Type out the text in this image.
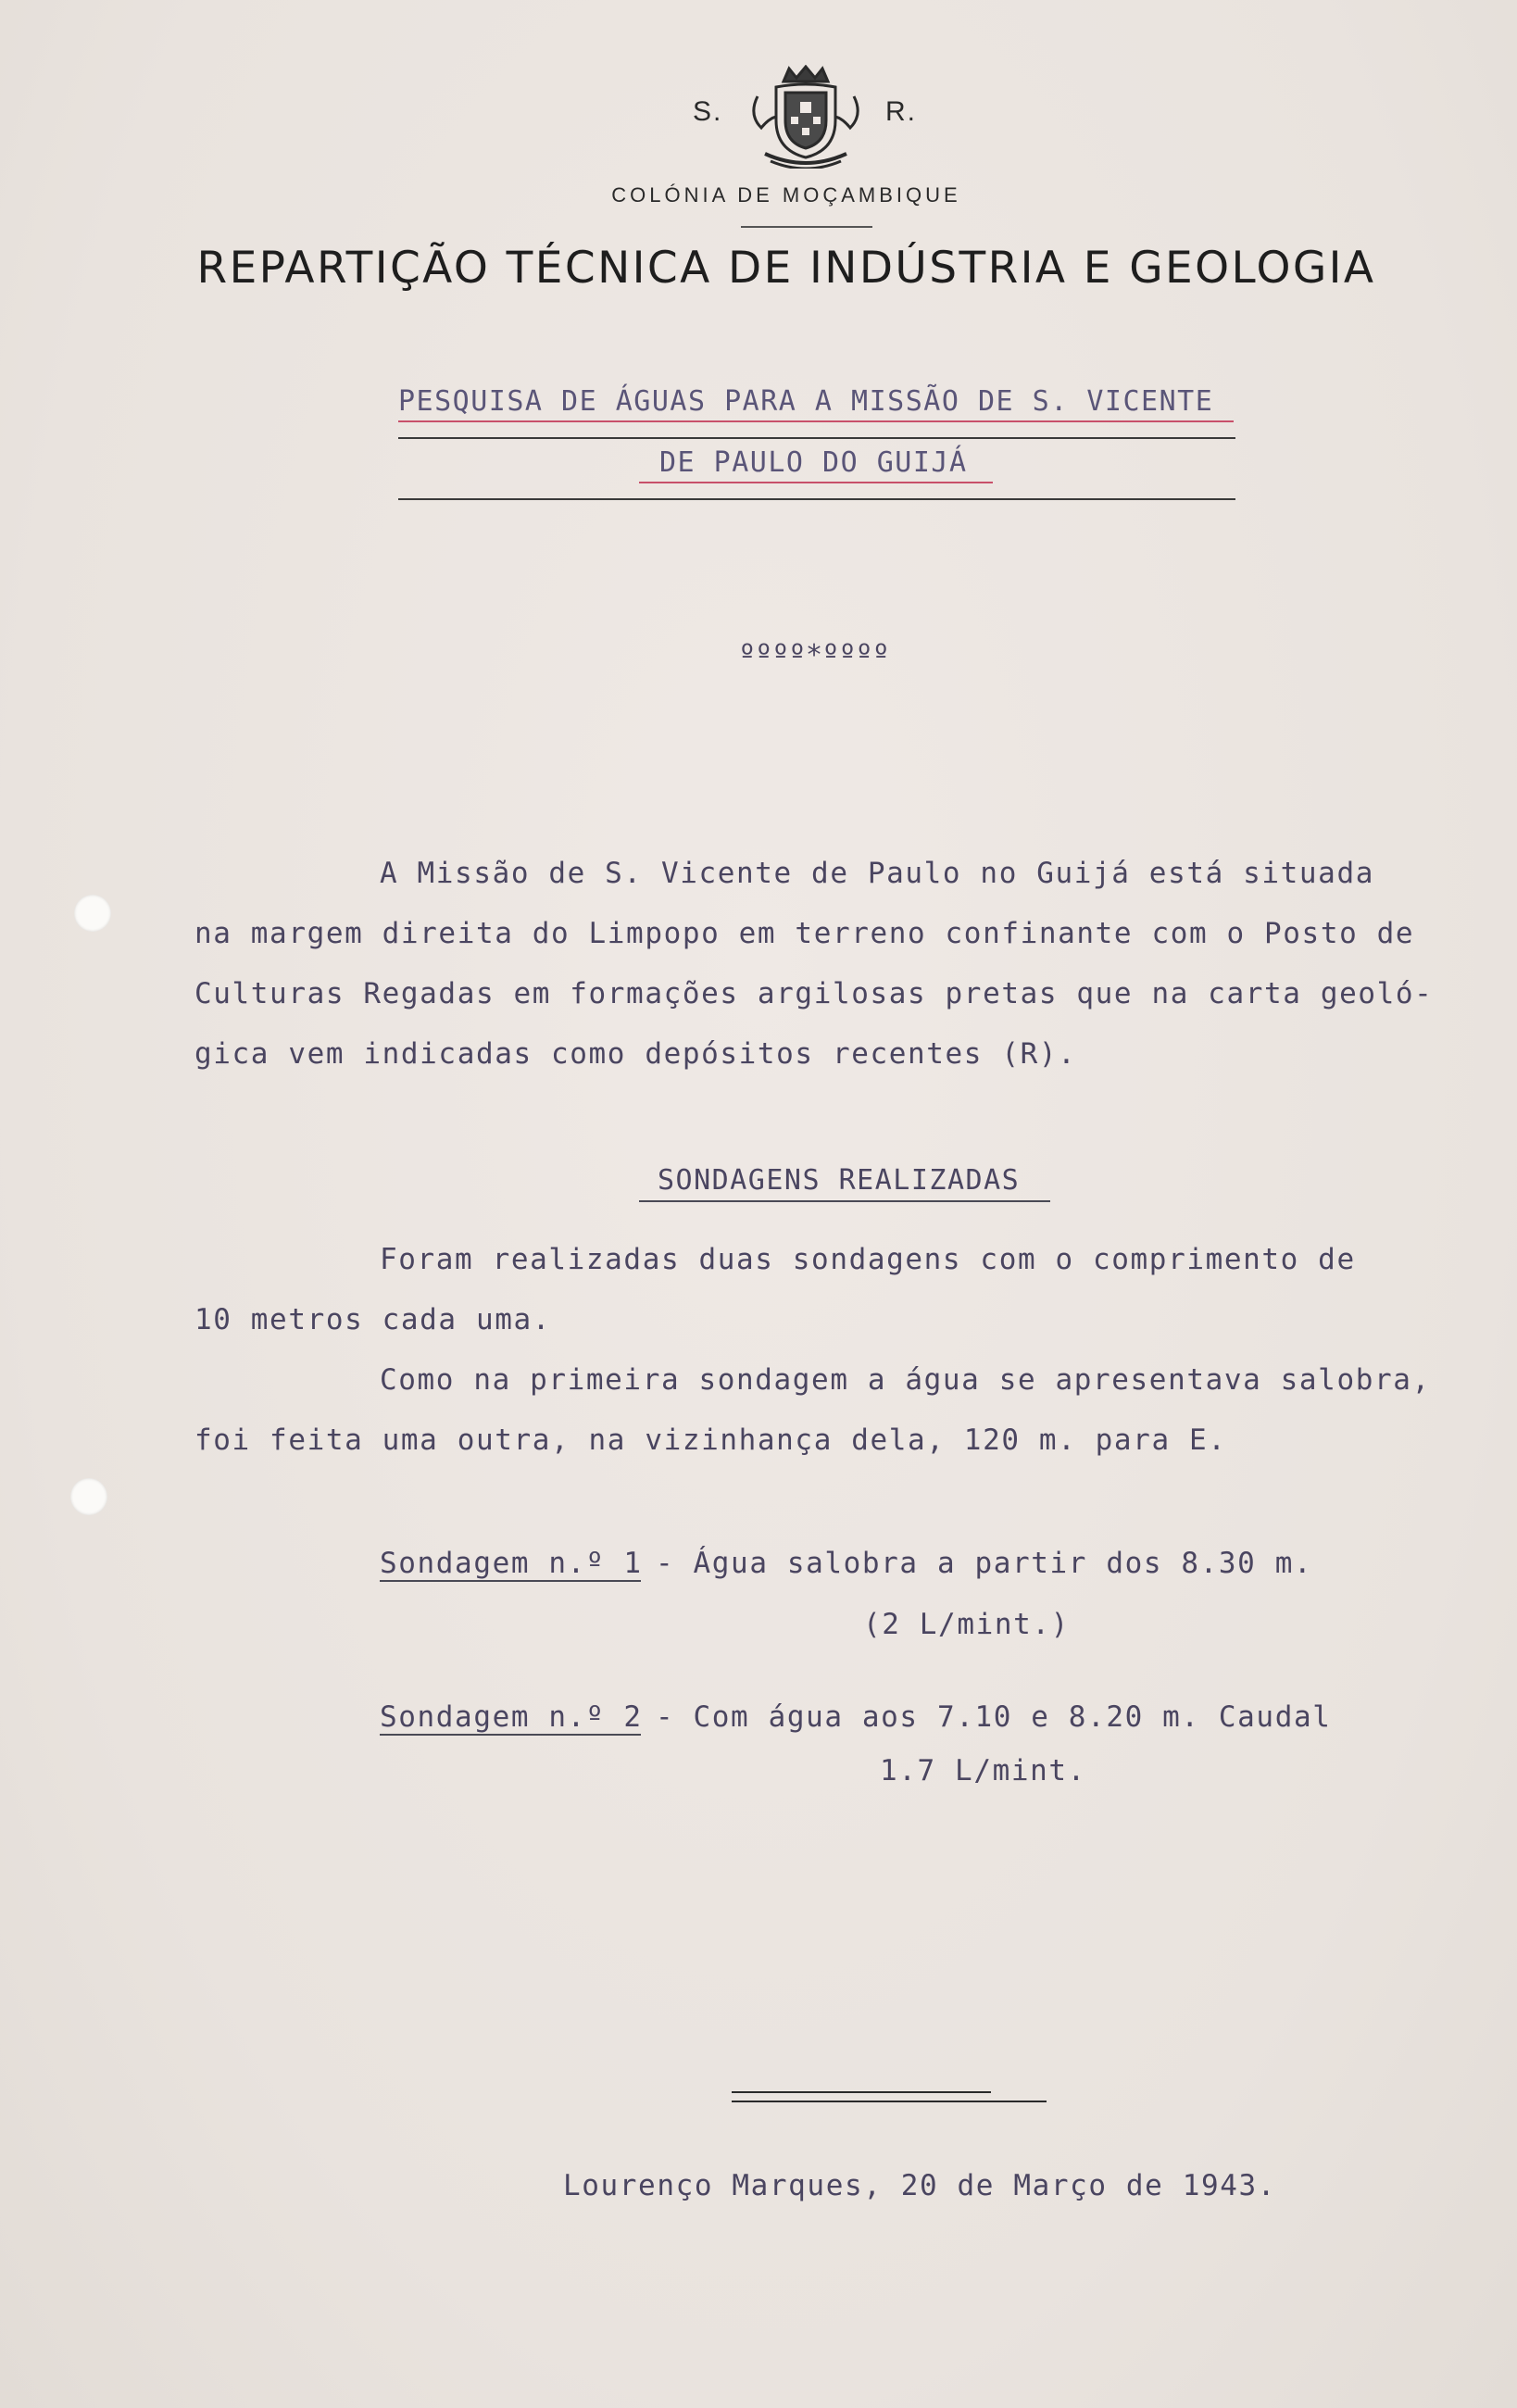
S.	R.
COLÓNIA DE MOÇAMBIQUE
REPARTIÇÃO TÉCNICA DE INDÚSTRIA E GEOLOGIA
PESQUISA DE ÁGUAS PARA A MISSÃO DE S. VICENTE
DE PAULO DO GUIJÁ
ºººº*ºººº
A Missão de S. Vicente de Paulo no Guijá está situada
na margem direita do Limpopo em terreno confinante com o Posto de
Culturas Regadas em formações argilosas pretas que na carta geoló-
gica vem indicadas como depósitos recentes (R).
SONDAGENS REALIZADAS
Foram realizadas duas sondagens com o comprimento de
10 metros cada uma.
Como na primeira sondagem a água se apresentava salobra,
foi feita uma outra, na vizinhança dela, 120 m. para E.
Sondagem n.º 1 - Água salobra a partir dos 8.30 m.
(2 L/mint.)
Sondagem n.º 2 - Com água aos 7.10 e 8.20 m. Caudal
1.7 L/mint.
Lourenço Marques, 20 de Março de 1943.
